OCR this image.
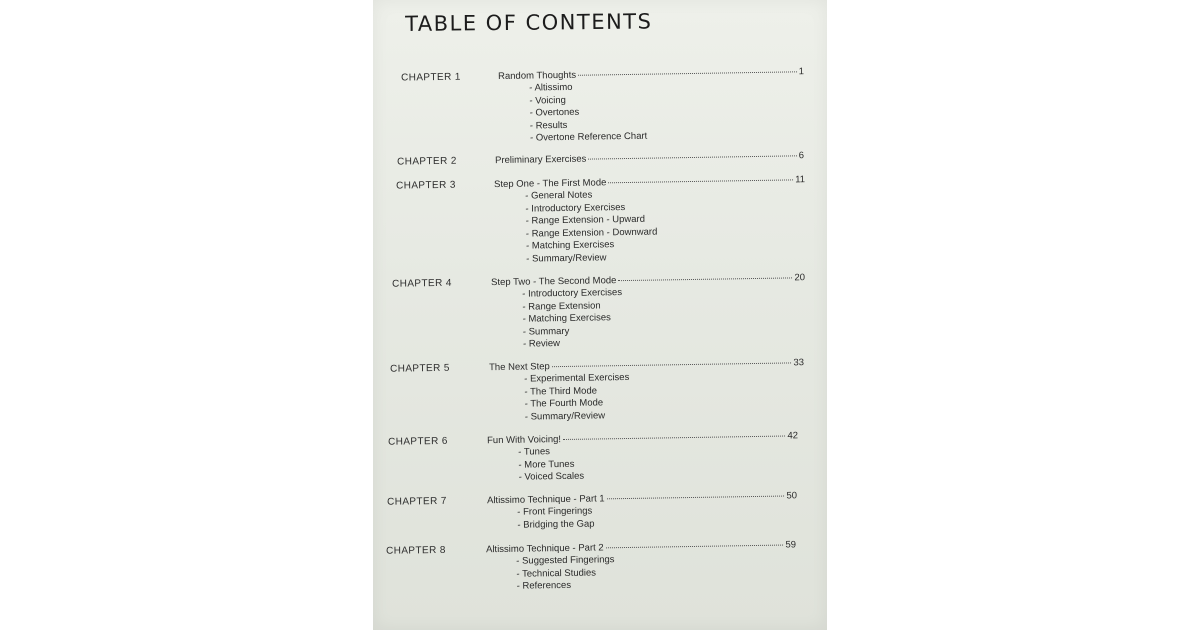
TABLE OF CONTENTS
CHAPTER 1	Random Thoughts	1
- Altissimo
- Voicing
- Overtones
- Results
- Overtone Reference Chart
CHAPTER 2	Preliminary Exercises	6
CHAPTER 3	Step One - The First Mode	11
- General Notes
- Introductory Exercises
- Range Extension - Upward
- Range Extension - Downward
- Matching Exercises
- Summary/Review
CHAPTER 4	Step Two - The Second Mode	20
- Introductory Exercises
- Range Extension
- Matching Exercises
- Summary
- Review
CHAPTER 5	The Next Step	33
- Experimental Exercises
- The Third Mode
- The Fourth Mode
- Summary/Review
CHAPTER 6	Fun With Voicing!	42
- Tunes
- More Tunes
- Voiced Scales
CHAPTER 7	Altissimo Technique - Part 1	50
- Front Fingerings
- Bridging the Gap
CHAPTER 8	Altissimo Technique - Part 2	59
- Suggested Fingerings
- Technical Studies
- References
